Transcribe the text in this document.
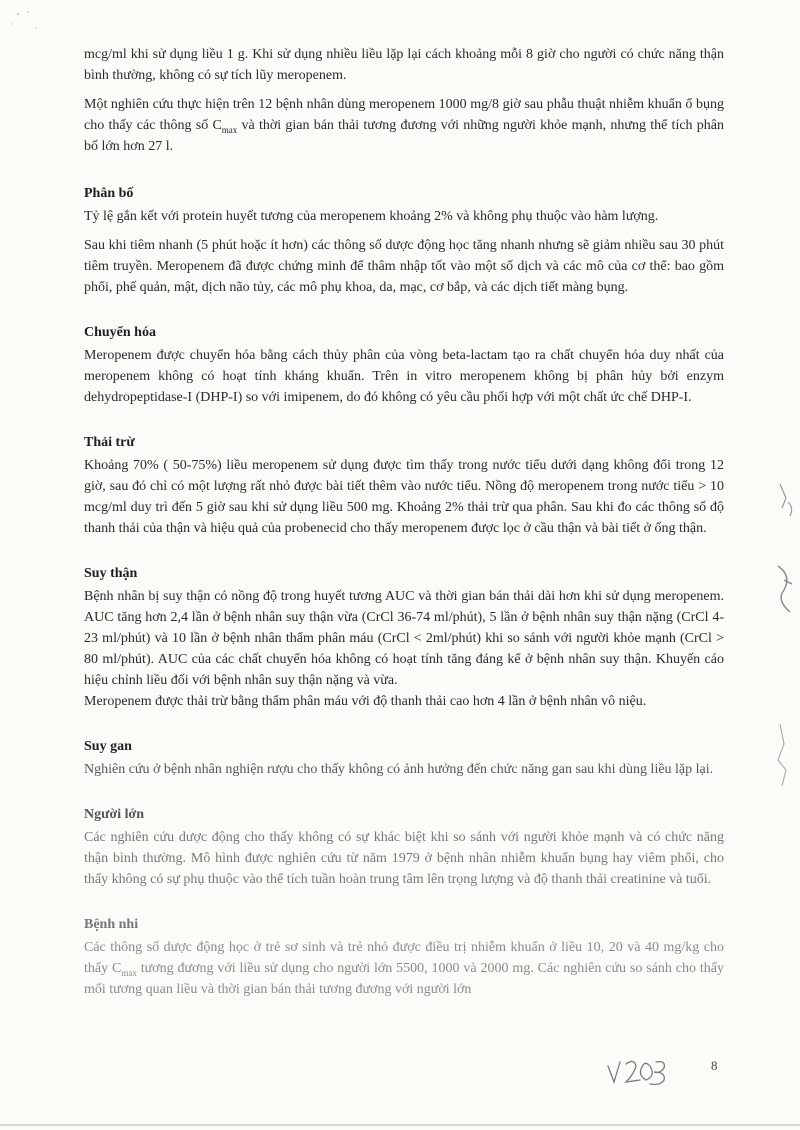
mcg/ml khi sử dụng liều 1 g. Khi sử dụng nhiều liều lặp lại cách khoảng mỗi 8 giờ cho người có chức năng thận bình thường, không có sự tích lũy meropenem.

Một nghiên cứu thực hiện trên 12 bệnh nhân dùng meropenem 1000 mg/8 giờ sau phẫu thuật nhiễm khuẩn ổ bụng cho thấy các thông số $C_{max}$ và thời gian bán thải tương đương với những người khỏe mạnh, nhưng thể tích phân bố lớn hơn 27 l.

Phân bố

Tỷ lệ gắn kết với protein huyết tương của meropenem khoảng 2% và không phụ thuộc vào hàm lượng.

Sau khi tiêm nhanh (5 phút hoặc ít hơn) các thông số dược động học tăng nhanh nhưng sẽ giảm nhiều sau 30 phút tiêm truyền. Meropenem đã được chứng minh để thâm nhập tốt vào một số dịch và các mô của cơ thể: bao gồm phổi, phế quản, mật, dịch não tủy, các mô phụ khoa, da, mạc, cơ bắp, và các dịch tiết màng bụng.

Chuyển hóa

Meropenem được chuyển hóa bằng cách thủy phân của vòng beta-lactam tạo ra chất chuyển hóa duy nhất của meropenem không có hoạt tính kháng khuẩn. Trên in vitro meropenem không bị phân hủy bởi enzym dehydropeptidase-I (DHP-I) so với imipenem, do đó không có yêu cầu phối hợp với một chất ức chế DHP-I.

Thải trừ

Khoảng 70% ( 50-75%) liều meropenem sử dụng được tìm thấy trong nước tiểu dưới dạng không đổi trong 12 giờ, sau đó chỉ có một lượng rất nhỏ được bài tiết thêm vào nước tiểu. Nồng độ meropenem trong nước tiểu > 10 mcg/ml duy trì đến 5 giờ sau khi sử dụng liều 500 mg. Khoảng 2% thải trừ qua phân. Sau khi đo các thông số độ thanh thải của thận và hiệu quả của probenecid cho thấy meropenem được lọc ở cầu thận và bài tiết ở ống thận.

Suy thận

Bệnh nhân bị suy thận có nồng độ trong huyết tương AUC và thời gian bán thải dài hơn khi sử dụng meropenem. AUC tăng hơn 2,4 lần ở bệnh nhân suy thận vừa (CrCl 36-74 ml/phút), 5 lần ở bệnh nhân suy thận nặng (CrCl 4-23 ml/phút) và 10 lần ở bệnh nhân thẩm phân máu (CrCl < 2ml/phút) khi so sánh với người khỏe mạnh (CrCl > 80 ml/phút). AUC của các chất chuyển hóa không có hoạt tính tăng đáng kể ở bệnh nhân suy thận. Khuyến cáo hiệu chỉnh liều đối với bệnh nhân suy thận nặng và vừa.

Meropenem được thải trừ bằng thẩm phân máu với độ thanh thải cao hơn 4 lần ở bệnh nhân vô niệu.

Suy gan

Nghiên cứu ở bệnh nhân nghiện rượu cho thấy không có ảnh hưởng đến chức năng gan sau khi dùng liều lặp lại.

Người lớn

Các nghiên cứu dược động cho thấy không có sự khác biệt khi so sánh với người khỏe mạnh và có chức năng thận bình thường. Mô hình được nghiên cứu từ năm 1979 ở bệnh nhân nhiễm khuẩn bụng hay viêm phổi, cho thấy không có sự phụ thuộc vào thể tích tuần hoàn trung tâm lên trọng lượng và độ thanh thải creatinine và tuổi.

Bệnh nhi

Các thông số dược động học ở trẻ sơ sinh và trẻ nhỏ được điều trị nhiễm khuẩn ở liều 10, 20 và 40 mg/kg cho thấy $C_{max}$ tương đương với liều sử dụng cho người lớn 5500, 1000 và 2000 mg. Các nghiên cứu so sánh cho thấy mối tương quan liều và thời gian bán thải tương đương với người lớn

8
